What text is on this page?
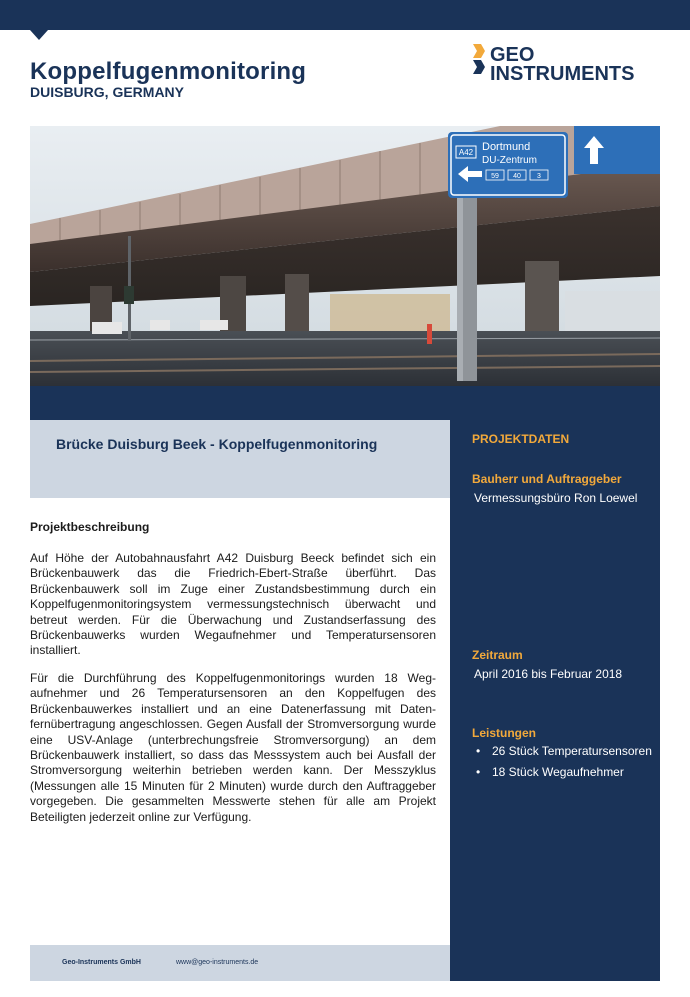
Koppelfugenmonitoring
DUISBURG, GERMANY
GEO
INSTRUMENTS
A42 Dortmund
DU-Zentrum
59 40 3
Brücke Duisburg Beek - Koppelfugenmonitoring
Projektbeschreibung

Auf Höhe der Autobahnausfahrt A42 Duisburg Beeck befindet sich ein Brückenbauwerk das die Friedrich-Ebert-Straße überführt. Das Brückenbauwerk soll im Zuge einer Zustandsbestimmung durch ein Koppelfugenmonitoringsystem vermessungstechnisch überwacht und betreut werden. Für die Überwachung und Zustandserfassung des Brückenbauwerks wurden Wegaufnehmer und Temperatursensoren installiert.

Für die Durchführung des Koppelfugenmonitorings wurden 18 Wegaufnehmer und 26 Temperatursensoren an den Koppelfugen des Brückenbauwerkes installiert und an eine Datenerfassung mit Datenfernübertragung angeschlossen. Gegen Ausfall der Stromversorgung wurde eine USV-Anlage (unterbrechungsfreie Stromversorgung) an dem Brückenbauwerk installiert, so dass das Messsystem auch bei Ausfall der Stromversorgung weiterhin betrieben werden kann. Der Messzyklus (Messungen alle 15 Minuten für 2 Minuten) wurde durch den Auftraggeber vorgegeben. Die gesammelten Messwerte stehen für alle am Projekt Beteiligten jederzeit online zur Verfügung.

PROJEKTDATEN
Bauherr und Auftraggeber
Vermessungsbüro Ron Loewel
Zeitraum
April 2016 bis Februar 2018
Leistungen
• 26 Stück Temperatursensoren
• 18 Stück Wegaufnehmer
Geo-Instruments GmbH	www@geo-instruments.de
